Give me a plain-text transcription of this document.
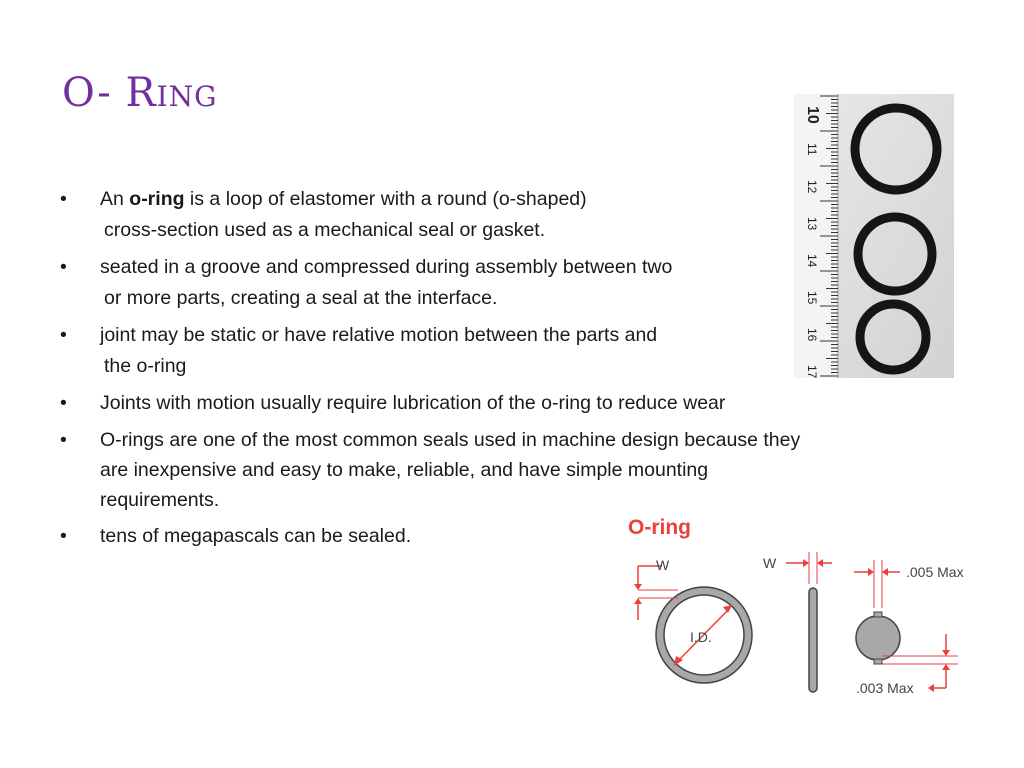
O- Ring
• An o-ring is a loop of elastomer with a round (o-shaped)
cross-section used as a mechanical seal or gasket.
• seated in a groove and compressed during assembly between two
or more parts, creating a seal at the interface.
• joint may be static or have relative motion between the parts and
the o-ring
• Joints with motion usually require lubrication of the o-ring to reduce wear
• O-rings are one of the most common seals used in machine design because they
are inexpensive and easy to make, reliable, and have simple mounting
requirements.
• tens of megapascals can be sealed.
10
11
12
13
14
15
16
17
O-ring
W
I.D.
W
.005 Max
.003 Max
